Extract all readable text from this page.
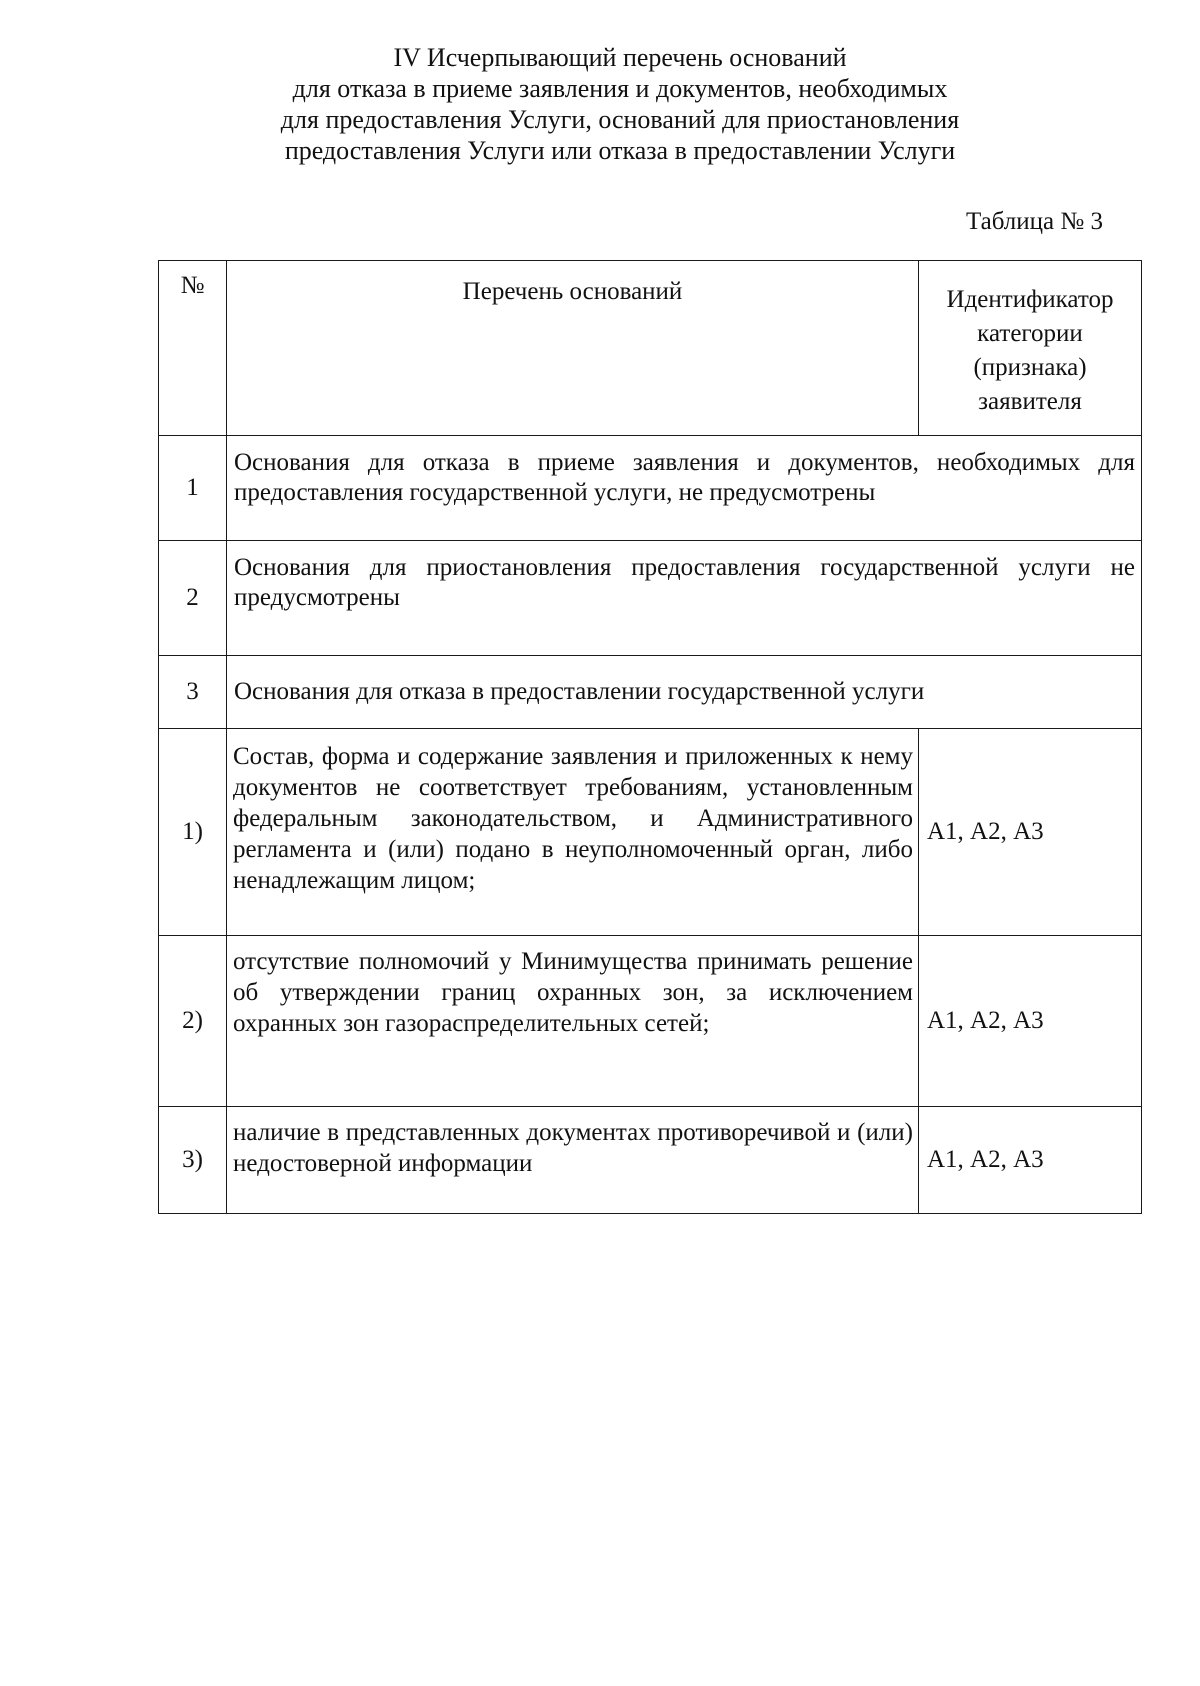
IV Исчерпывающий перечень оснований
для отказа в приеме заявления и документов, необходимых
для предоставления Услуги, оснований для приостановления
предоставления Услуги или отказа в предоставлении Услуги
Таблица № 3
№	Перечень оснований	Идентификатор категории (признака) заявителя
1	Основания для отказа в приеме заявления и документов, необходимых для предоставления государственной услуги, не предусмотрены	
2	Основания для приостановления предоставления государственной услуги не предусмотрены	
3	Основания для отказа в предоставлении государственной услуги	
1)	Состав, форма и содержание заявления и приложенных к нему документов не соответствует требованиям, установленным федеральным законодательством, и Административного регламента и (или) подано в неуполномоченный орган, либо ненадлежащим лицом;	А1, А2, А3
2)	отсутствие полномочий у Минимущества принимать решение об утверждении границ охранных зон, за исключением охранных зон газораспределительных сетей;	А1, А2, А3
3)	наличие в представленных документах противоречивой и (или) недостоверной информации	А1, А2, А3
